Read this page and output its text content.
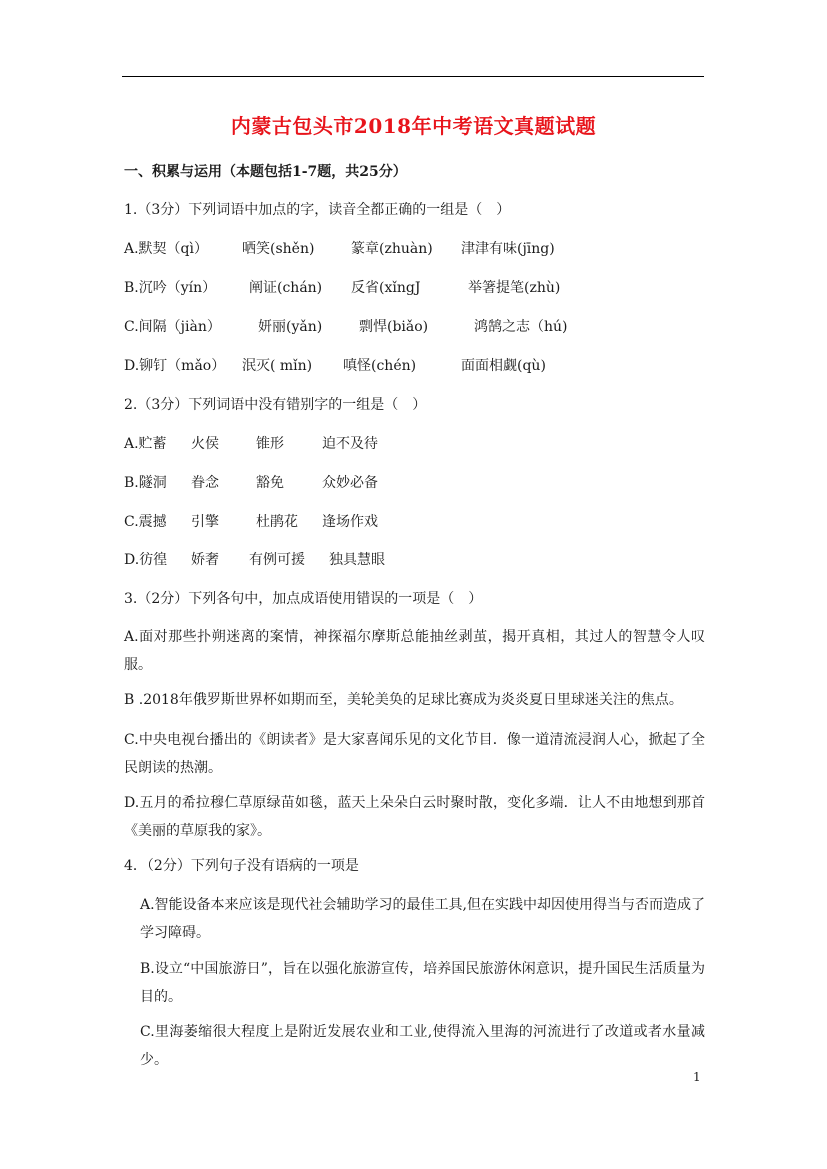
内蒙古包头市2018年中考语文真题试题

一、积累与运用（本题包括1-7题，共25分）

1.（3分）下列词语中加点的字，读音全都正确的一组是（　）

A.默契（qì） 哂笑(shěn)	篆章(zhuàn) 津津有味(jīng)
B.沉吟（yín） 阐证(chán) 反省(xǐngJ	举箸提笔(zhù)
C.间隔（jiàn）	妍丽(yǎn)	剽悍(biǎo)	鸿鹄之志（hú)
D.铆钉（mǎo） 泯灭( mǐn) 嗔怪(chén)	面面相觑(qù)

2.（3分）下列词语中没有错别字的一组是（　）

A.贮蓄 火侯	锥形	迫不及待
B.隧洞 眷念	豁免	众妙必备
C.震撼 引擎	杜鹃花 逢场作戏
D.彷徨 娇奢 有例可援 独具慧眼

3.（2分）下列各句中，加点成语使用错误的一项是（　）

A.面对那些扑朔迷离的案情，神探福尔摩斯总能抽丝剥茧，揭开真相，其过人的智慧令人叹服。

B .2018年俄罗斯世界杯如期而至，美轮美奂的足球比赛成为炎炎夏日里球迷关注的焦点。

C.中央电视台播出的《朗读者》是大家喜闻乐见的文化节目．像一道清流浸润人心，掀起了全民朗读的热潮。

D.五月的希拉穆仁草原绿苗如毯，蓝天上朵朵白云时聚时散，变化多端．让人不由地想到那首《美丽的草原我的家》。

4．（2分）下列句子没有语病的一项是

A.智能设备本来应该是现代社会辅助学习的最佳工具,但在实践中却因使用得当与否而造成了学习障碍。

B.设立“中国旅游日”，旨在以强化旅游宣传，培养国民旅游休闲意识，提升国民生活质量为目的。

C.里海萎缩很大程度上是附近发展农业和工业,使得流入里海的河流进行了改道或者水量减少。

1
